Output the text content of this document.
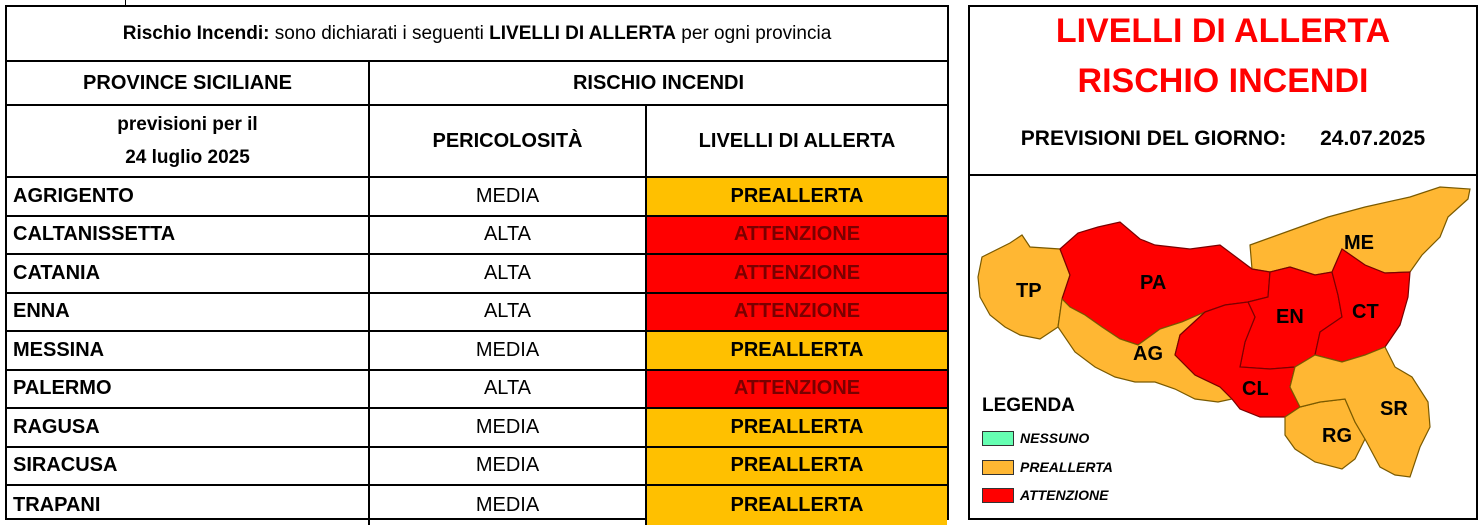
Rischio Incendi: sono dichiarati i seguenti LIVELLI DI ALLERTA per ogni provincia
PROVINCE SICILIANE	RISCHIO INCENDI
previsioni per il
24 luglio 2025
PERICOLOSITÀ	LIVELLI DI ALLERTA
AGRIGENTO	MEDIA	PREALLERTA
CALTANISSETTA	ALTA	ATTENZIONE
CATANIA	ALTA	ATTENZIONE
ENNA	ALTA	ATTENZIONE
MESSINA	MEDIA	PREALLERTA
PALERMO	ALTA	ATTENZIONE
RAGUSA	MEDIA	PREALLERTA
SIRACUSA	MEDIA	PREALLERTA
TRAPANI	MEDIA	PREALLERTA
LIVELLI DI ALLERTA
RISCHIO INCENDI
PREVISIONI DEL GIORNO: 24.07.2025
TP	PA
ME
AG
EN CT
CL
RG
SR
LEGENDA
NESSUNO
PREALLERTA
ATTENZIONE
